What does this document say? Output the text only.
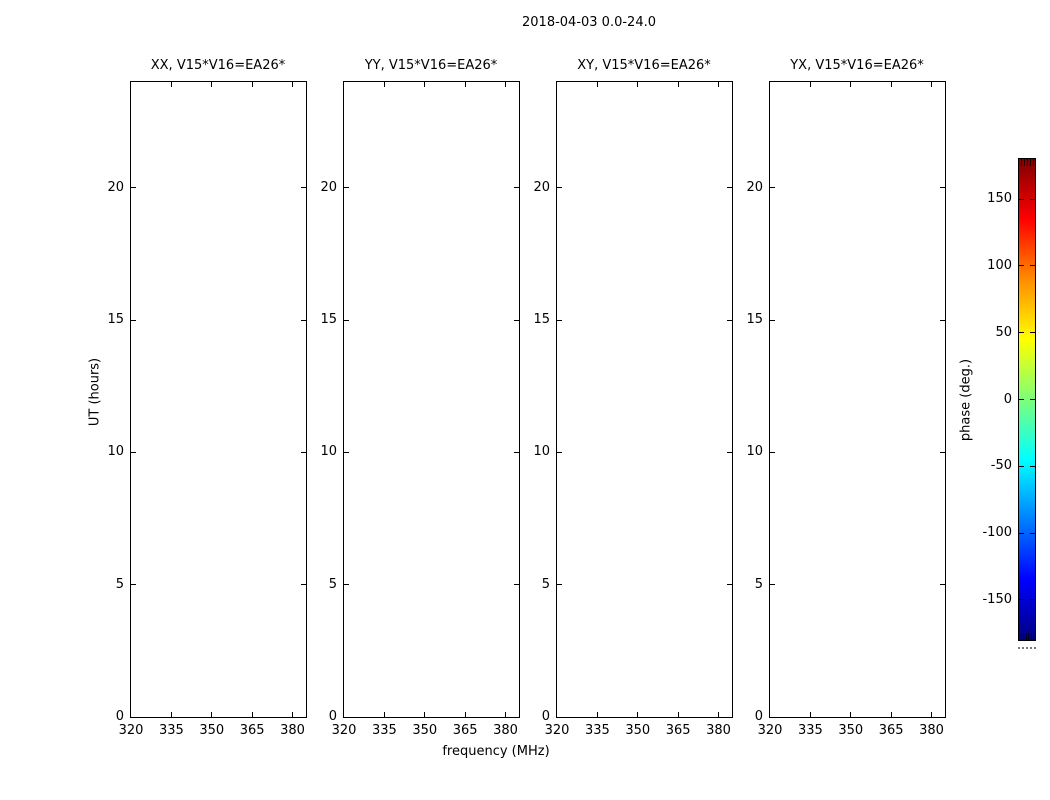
2018-04-03 0.0-24.0
XX, V15*V16=EA26*	YY, V15*V16=EA26*	XY, V15*V16=EA26*	YX, V15*V16=EA26*
UT (hours)
frequency (MHz)
phase (deg.)
320	335	350	365	380
0
5
10
15
20
320	335	350	365	380
0
5
10
15
20
320	335	350	365	380
0
5
10
15
20
320	335	350	365	380
0
5
10
15
20
150
100
50
0
-50
-100
-150
